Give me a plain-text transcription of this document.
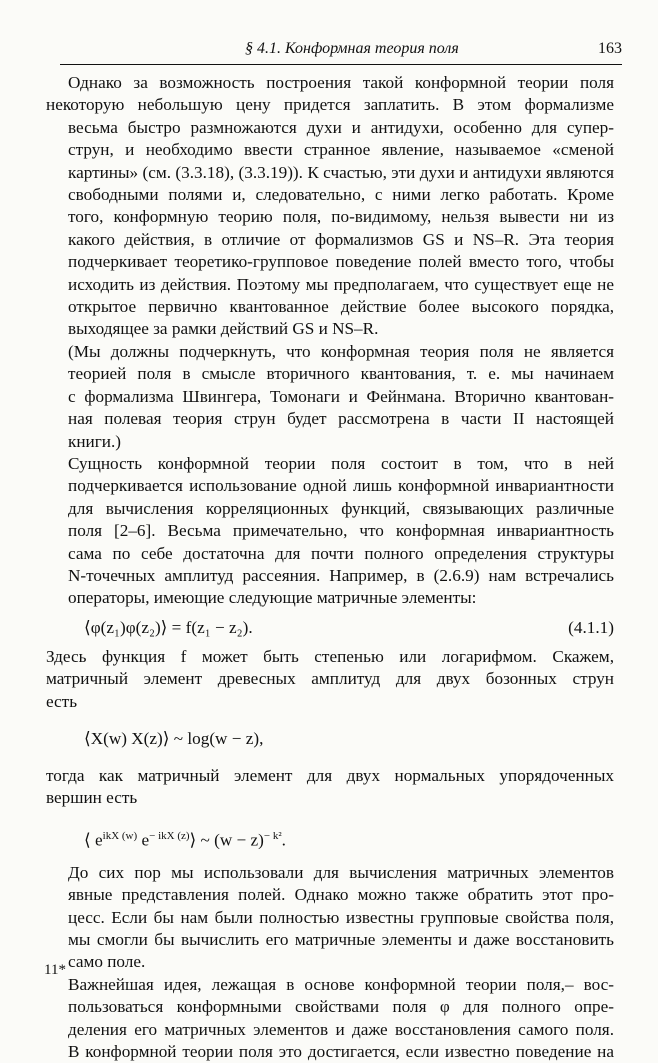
§ 4.1. Конформная теория поля	163
Однако за возможность построения такой конформной теории поля
некоторую небольшую цену придется заплатить. В этом формализме
весьма быстро размножаются духи и антидухи, особенно для супер-
струн, и необходимо ввести странное явление, называемое «сменой
картины» (см. (3.3.18), (3.3.19)). К счастью, эти духи и антидухи являются
свободными полями и, следовательно, с ними легко работать. Кроме
того, конформную теорию поля, по-видимому, нельзя вывести ни из
какого действия, в отличие от формализмов GS и NS–R. Эта теория
подчеркивает теоретико-групповое поведение полей вместо того, чтобы
исходить из действия. Поэтому мы предполагаем, что существует еще не
открытое первично квантованное действие более высокого порядка,
выходящее за рамки действий GS и NS–R.
(Мы должны подчеркнуть, что конформная теория поля не является
теорией поля в смысле вторичного квантования, т. е. мы начинаем
с формализма Швингера, Томонаги и Фейнмана. Вторично квантован-
ная полевая теория струн будет рассмотрена в части II настоящей
книги.)
Сущность конформной теории поля состоит в том, что в ней
подчеркивается использование одной лишь конформной инвариантности
для вычисления корреляционных функций, связывающих различные
поля [2–6]. Весьма примечательно, что конформная инвариантность
сама по себе достаточна для почти полного определения структуры
N-точечных амплитуд рассеяния. Например, в (2.6.9) нам встречались
операторы, имеющие следующие матричные элементы:
⟨φ(z₁)φ(z₂)⟩ = f(z₁ − z₂).	(4.1.1)
Здесь функция f может быть степенью или логарифмом. Скажем,
матричный элемент древесных амплитуд для двух бозонных струн
есть
⟨X(w) X(z)⟩ ~ log(w − z),
тогда как матричный элемент для двух нормальных упорядоченных
вершин есть
⟨ $e^{ikX (w)}$ $e^{- ikX (z)}⟩$ ~ $(w - z)^{- k^2}$.
До сих пор мы использовали для вычисления матричных элементов
явные представления полей. Однако можно также обратить этот про-
цесс. Если бы нам были полностью известны групповые свойства поля,
мы смогли бы вычислить его матричные элементы и даже восстановить
само поле.
Важнейшая идея, лежащая в основе конформной теории поля,– вос-
пользоваться конформными свойствами поля φ для полного опре-
деления его матричных элементов и даже восстановления самого поля.
В конформной теории поля это достигается, если известно поведение на
11*
